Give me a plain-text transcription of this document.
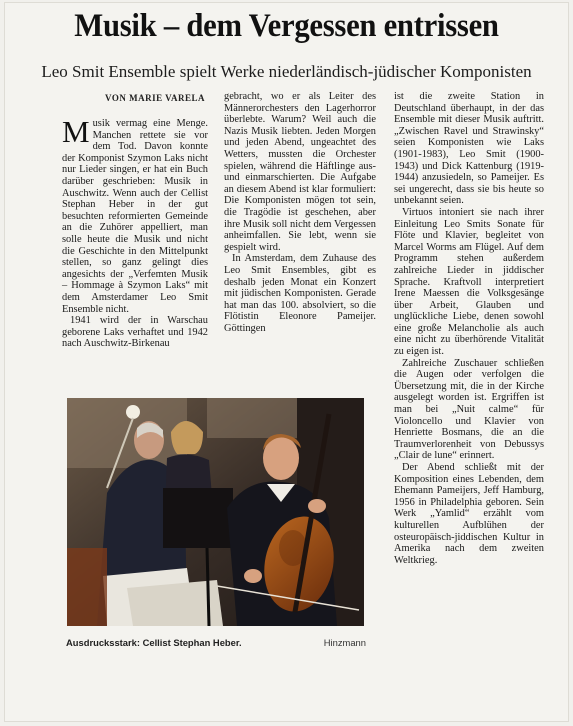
Musik – dem Vergessen entrissen
Leo Smit Ensemble spielt Werke niederländisch-jüdischer Komponisten
VON MARIE VARELA

Musik vermag eine Menge. Manchen rettete sie vor dem Tod. Davon konnte der Komponist Szymon Laks nicht nur Lieder singen, er hat ein Buch darüber geschrieben: Musik in Auschwitz. Wenn auch der Cellist Stephan Heber in der gut besuchten reformierten Gemeinde an die Zuhörer appelliert, man solle heute die Musik und nicht die Geschichte in den Mittelpunkt stellen, so ganz gelingt dies angesichts der „Verfemten Musik – Hommage à Szymon Laks“ mit dem Amsterdamer Leo Smit Ensemble nicht.

1941 wird der in Warschau geborene Laks verhaftet und 1942 nach Auschwitz-Birkenau

gebracht, wo er als Leiter des Männerorchesters den Lagerhorror überlebte. Warum? Weil auch die Nazis Musik liebten. Jeden Morgen und jeden Abend, ungeachtet des Wetters, mussten die Orchester spielen, während die Häftlinge aus- und einmarschierten. Die Aufgabe an diesem Abend ist klar formuliert: Die Komponisten mögen tot sein, die Tragödie ist geschehen, aber ihre Musik soll nicht dem Vergessen anheimfallen. Sie lebt, wenn sie gespielt wird.

In Amsterdam, dem Zuhause des Leo Smit Ensembles, gibt es deshalb jeden Monat ein Konzert mit jüdischen Komponisten. Gerade hat man das 100. absolviert, so die Flötistin Eleonore Pameijer. Göttingen

ist die zweite Station in Deutschland überhaupt, in der das Ensemble mit dieser Musik auftritt. „Zwischen Ravel und Strawinsky“ seien Komponisten wie Laks (1901-1983), Leo Smit (1900-1943) und Dick Kattenburg (1919-1944) anzusiedeln, so Pameijer. Es sei ungerecht, dass sie bis heute so unbekannt seien.

Virtuos intoniert sie nach ihrer Einleitung Leo Smits Sonate für Flöte und Klavier, begleitet von Marcel Worms am Flügel. Auf dem Programm stehen außerdem zahlreiche Lieder in jiddischer Sprache. Kraftvoll interpretiert Irene Maessen die Volksgesänge über Arbeit, Glauben und unglückliche Liebe, denen sowohl eine große Melancholie als auch eine nicht zu überhörende Vitalität zu eigen ist.

Zahlreiche Zuschauer schließen die Augen oder verfolgen die Übersetzung mit, die in der Kirche ausgelegt worden ist. Ergriffen ist man bei „Nuit calme“ für Violoncello und Klavier von Henriette Bosmans, die an die Traumverlorenheit von Debussys „Clair de lune“ erinnert.

Der Abend schließt mit der Komposition eines Lebenden, dem Ehemann Pameijers, Jeff Hamburg, 1956 in Philadelphia geboren. Sein Werk „Yamlid“ erzählt vom kulturellen Aufblühen der osteuropäisch-jiddischen Kultur in Amerika nach dem zweiten Weltkrieg.

Ausdrucksstark: Cellist Stephan Heber.	Hinzmann
